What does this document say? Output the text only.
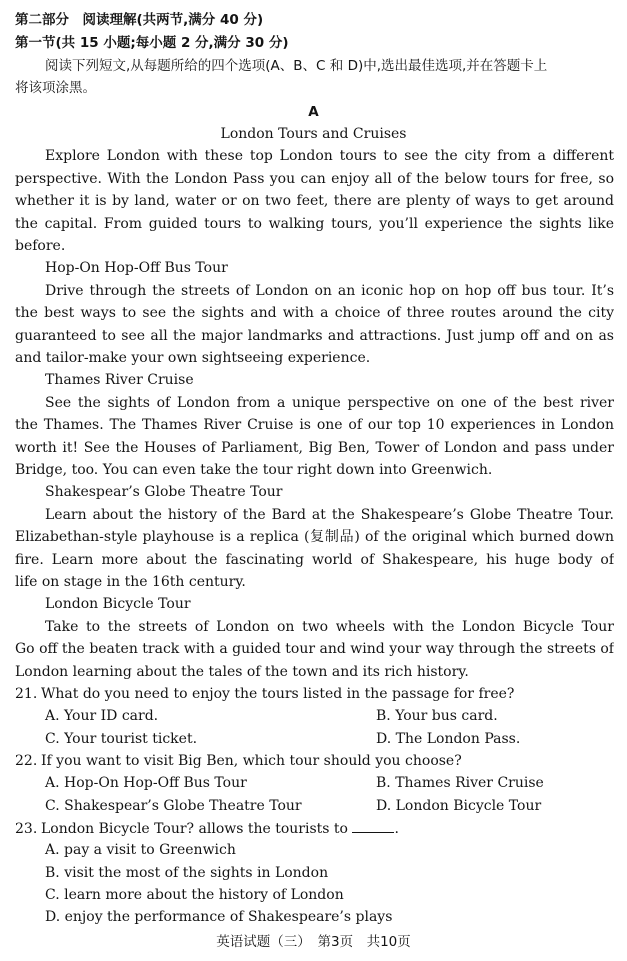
第二部分　阅读理解(共两节,满分 40 分)
第一节(共 15 小题;每小题 2 分,满分 30 分)
阅读下列短文,从每题所给的四个选项(A、B、C 和 D)中,选出最佳选项,并在答题卡上
将该项涂黑。
A
London Tours and Cruises
Explore London with these top London tours to see the city from a different
perspective. With the London Pass you can enjoy all of the below tours for free, so
whether it is by land, water or on two feet, there are plenty of ways to get around
the capital. From guided tours to walking tours, you’ll experience the sights like
before.
Hop-On Hop-Off Bus Tour
Drive through the streets of London on an iconic hop on hop off bus tour. It’s
the best ways to see the sights and with a choice of three routes around the city
guaranteed to see all the major landmarks and attractions. Just jump off and on as
and tailor-make your own sightseeing experience.
Thames River Cruise
See the sights of London from a unique perspective on one of the best river
the Thames. The Thames River Cruise is one of our top 10 experiences in London
worth it! See the Houses of Parliament, Big Ben, Tower of London and pass under
Bridge, too. You can even take the tour right down into Greenwich.
Shakespear’s Globe Theatre Tour
Learn about the history of the Bard at the Shakespeare’s Globe Theatre Tour.
Elizabethan-style playhouse is a replica (复制品) of the original which burned down
fire. Learn more about the fascinating world of Shakespeare, his huge body of
life on stage in the 16th century.
London Bicycle Tour
Take to the streets of London on two wheels with the London Bicycle Tour
Go off the beaten track with a guided tour and wind your way through the streets of
London learning about the tales of the town and its rich history.
21. What do you need to enjoy the tours listed in the passage for free?
A. Your ID card.	B. Your bus card.
C. Your tourist ticket.	D. The London Pass.
22. If you want to visit Big Ben, which tour should you choose?
A. Hop-On Hop-Off Bus Tour	B. Thames River Cruise
C. Shakespear’s Globe Theatre Tour	D. London Bicycle Tour
23. London Bicycle Tour? allows the tourists to	.
A. pay a visit to Greenwich
B. visit the most of the sights in London
C. learn more about the history of London
D. enjoy the performance of Shakespeare’s plays
英语试题（三）　第3页　共10页
